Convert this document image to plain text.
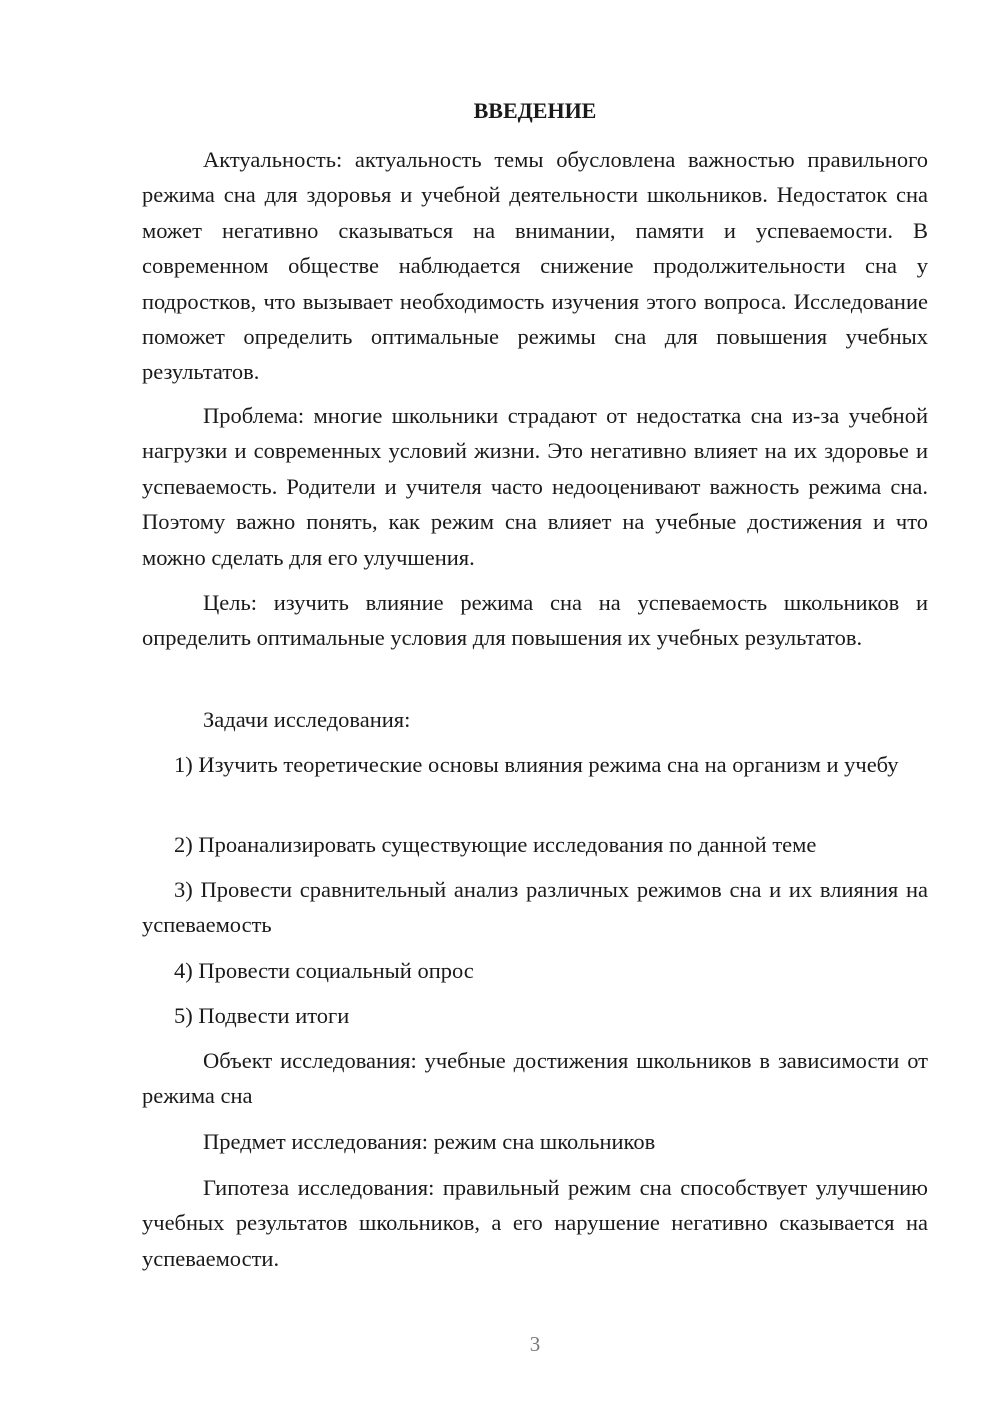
ВВЕДЕНИЕ

Актуальность: актуальность темы обусловлена важностью правильного режима сна для здоровья и учебной деятельности школьников. Недостаток сна может негативно сказываться на внимании, памяти и успеваемости. В современном обществе наблюдается снижение продолжительности сна у подростков, что вызывает необходимость изучения этого вопроса. Исследование поможет определить оптимальные режимы сна для повышения учебных результатов.

Проблема: многие школьники страдают от недостатка сна из-за учебной нагрузки и современных условий жизни. Это негативно влияет на их здоровье и успеваемость. Родители и учителя часто недооценивают важность режима сна. Поэтому важно понять, как режим сна влияет на учебные достижения и что можно сделать для его улучшения.

Цель: изучить влияние режима сна на успеваемость школьников и определить оптимальные условия для повышения их учебных результатов.

Задачи исследования:

1) Изучить теоретические основы влияния режима сна на организм и учебу

2) Проанализировать существующие исследования по данной теме

3) Провести сравнительный анализ различных режимов сна и их влияния на успеваемость

4) Провести социальный опрос

5) Подвести итоги

Объект исследования: учебные достижения школьников в зависимости от режима сна

Предмет исследования: режим сна школьников

Гипотеза исследования: правильный режим сна способствует улучшению учебных результатов школьников, а его нарушение негативно сказывается на успеваемости.

3
